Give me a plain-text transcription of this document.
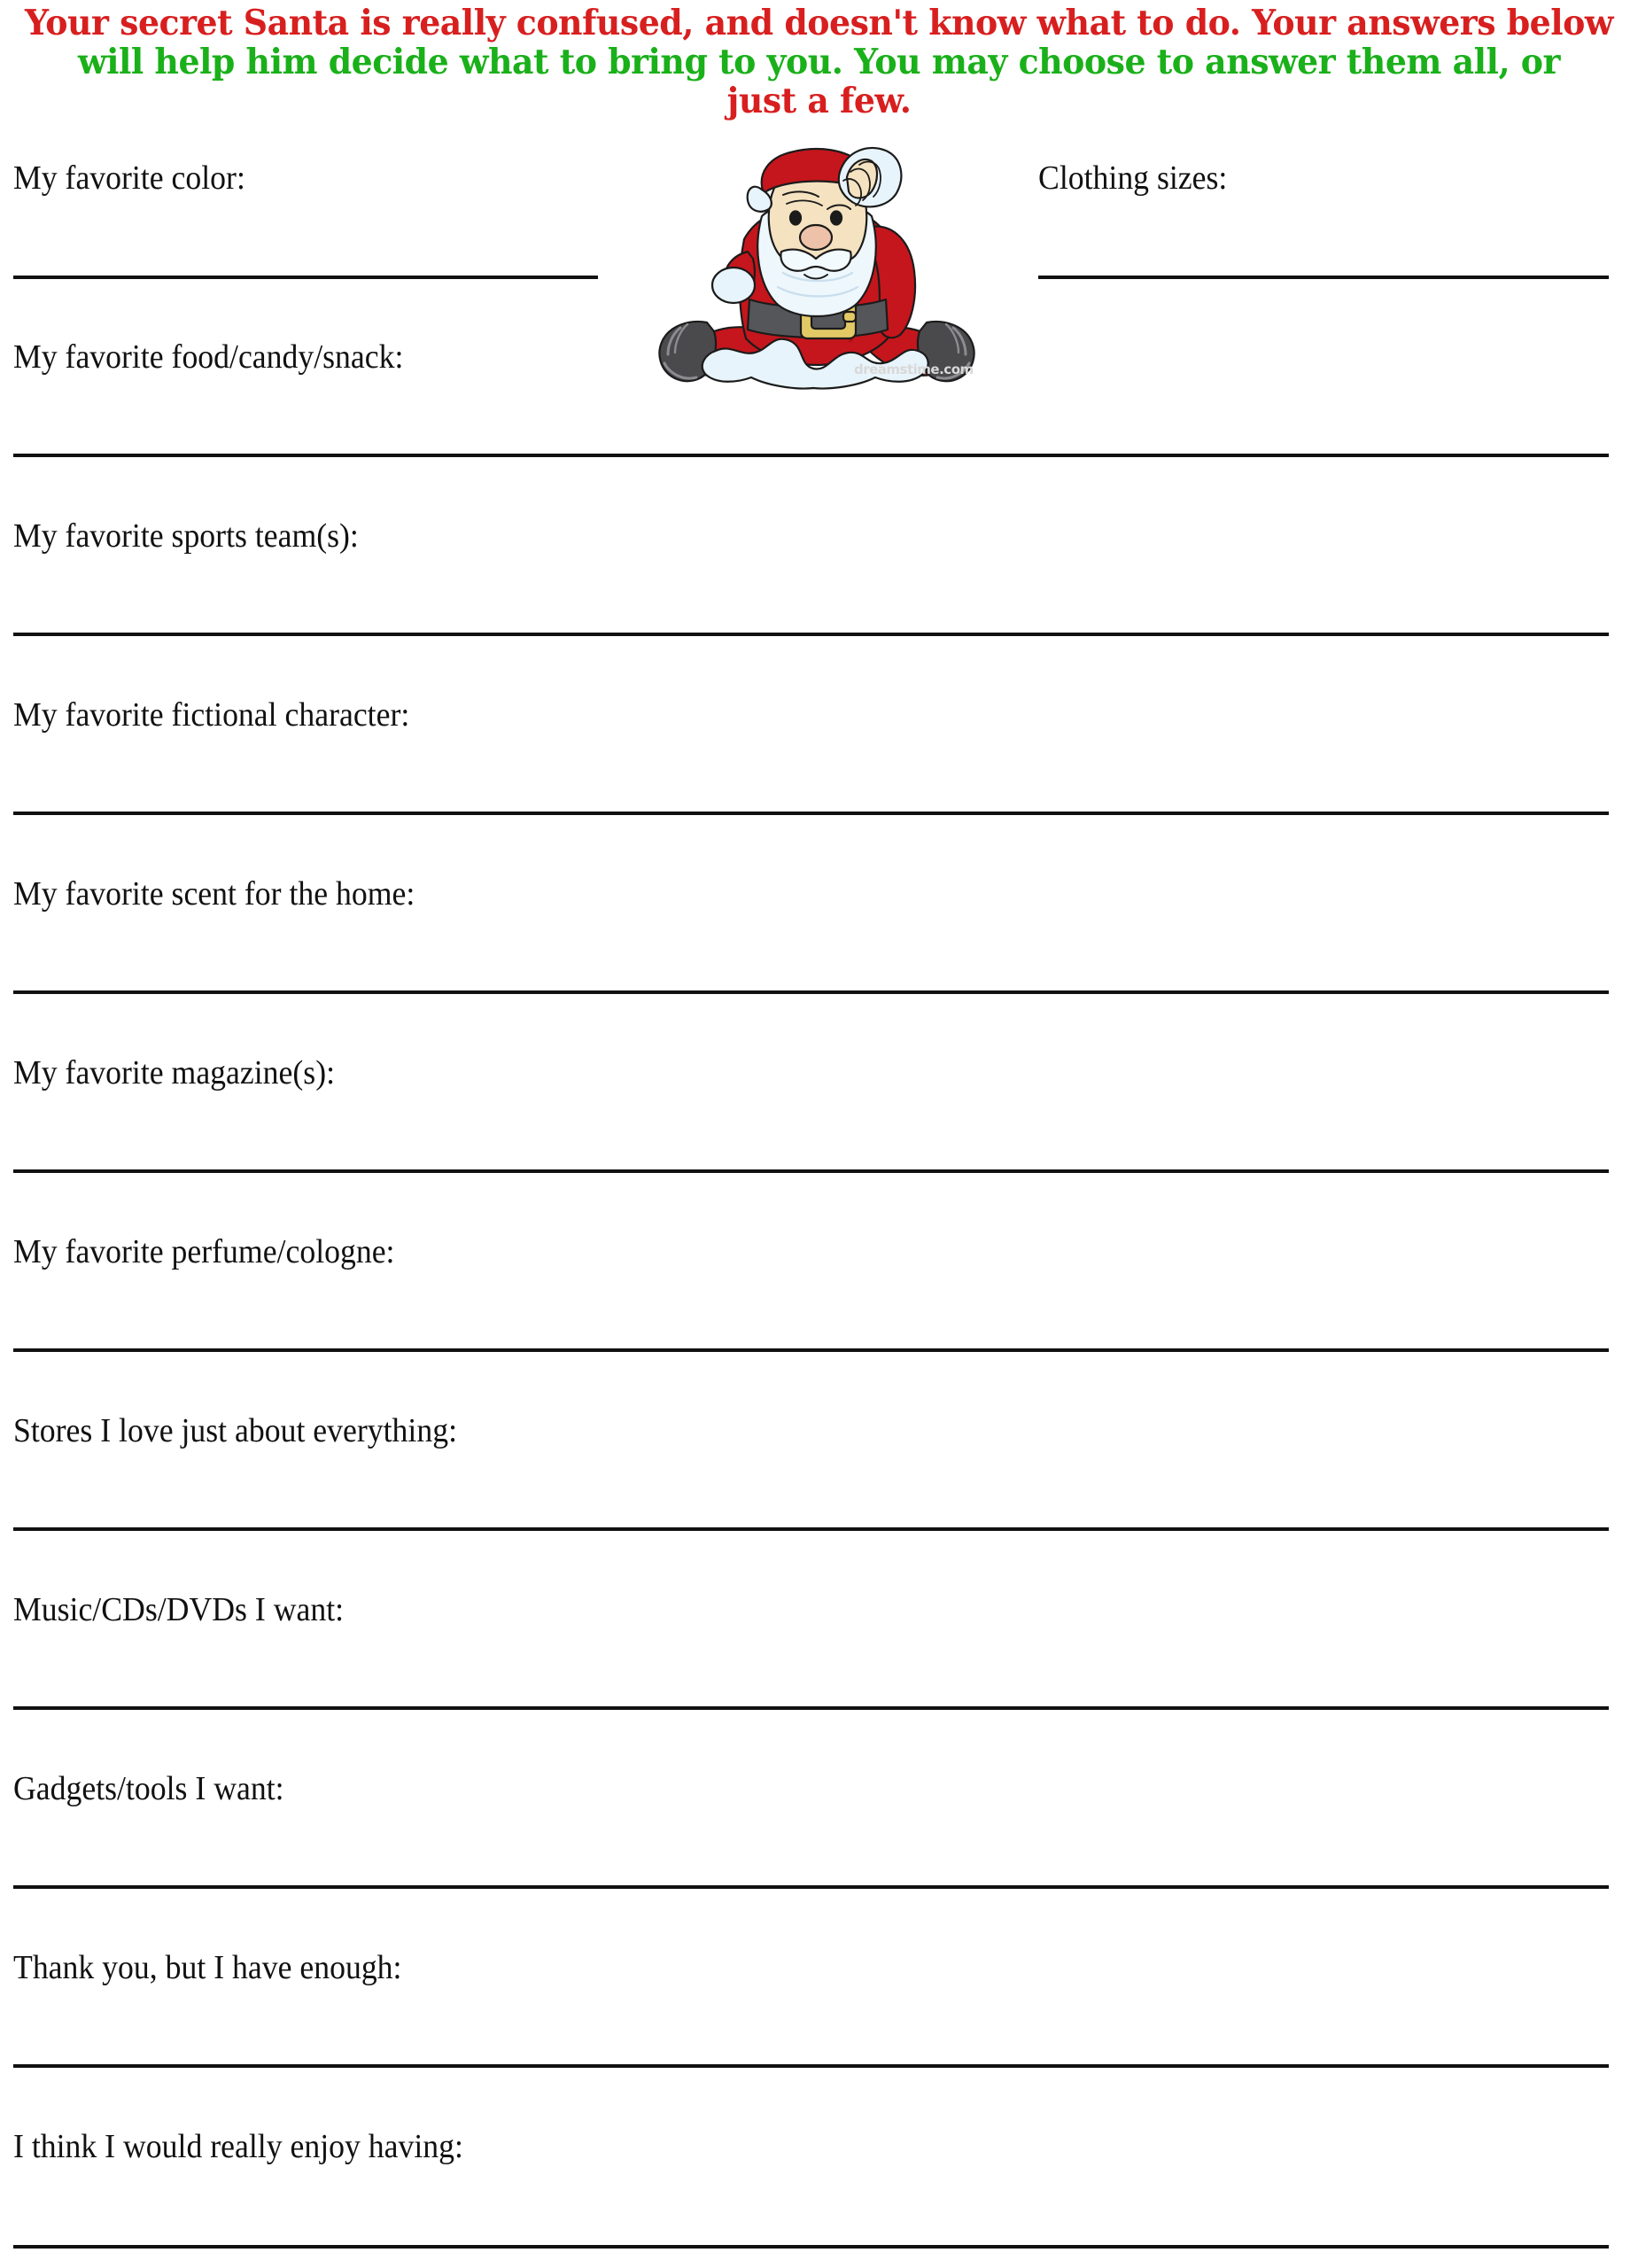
Your secret Santa is really confused, and doesn't know what to do. Your answers below
will help him decide what to bring to you. You may choose to answer them all, or
just a few.
dreamstime.com
My favorite color:	Clothing sizes:
My favorite food/candy/snack:
My favorite sports team(s):
My favorite fictional character:
My favorite scent for the home:
My favorite magazine(s):
My favorite perfume/cologne:
Stores I love just about everything:
Music/CDs/DVDs I want:
Gadgets/tools I want:
Thank you, but I have enough:
I think I would really enjoy having:
